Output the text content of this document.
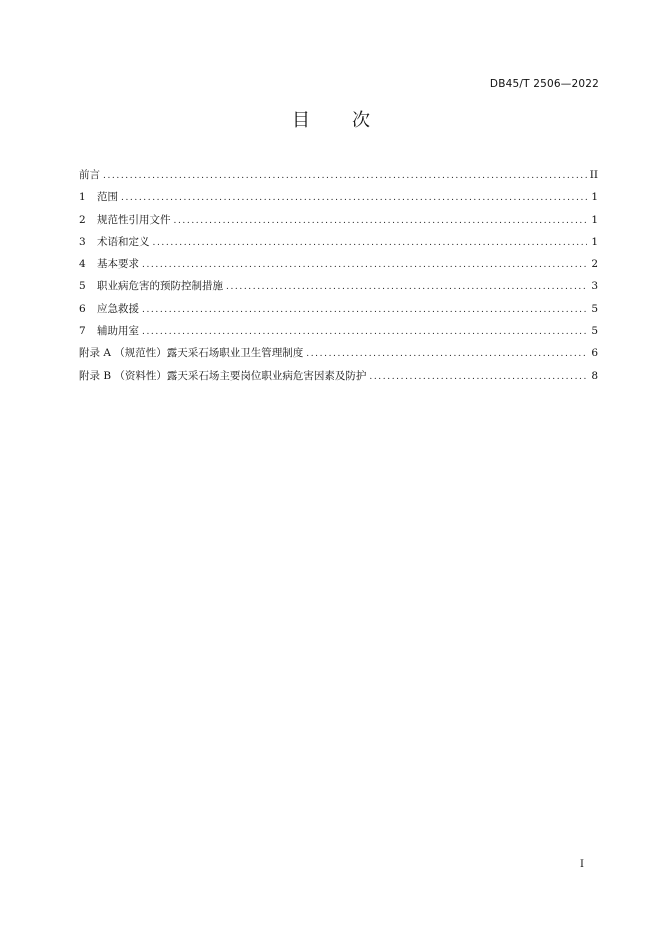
DB45/T 2506—2022
目 次
前言 .....	II
1	范围 .....	1
2	规范性引用文件 .....	1
3	术语和定义 .....	1
4	基本要求 .....	2
5	职业病危害的预防控制措施 .....	3
6	应急救援 .....	5
7	辅助用室 .....	5
附录 A （规范性）露天采石场职业卫生管理制度 .....	6
附录 B （资料性）露天采石场主要岗位职业病危害因素及防护 .....	8
I
